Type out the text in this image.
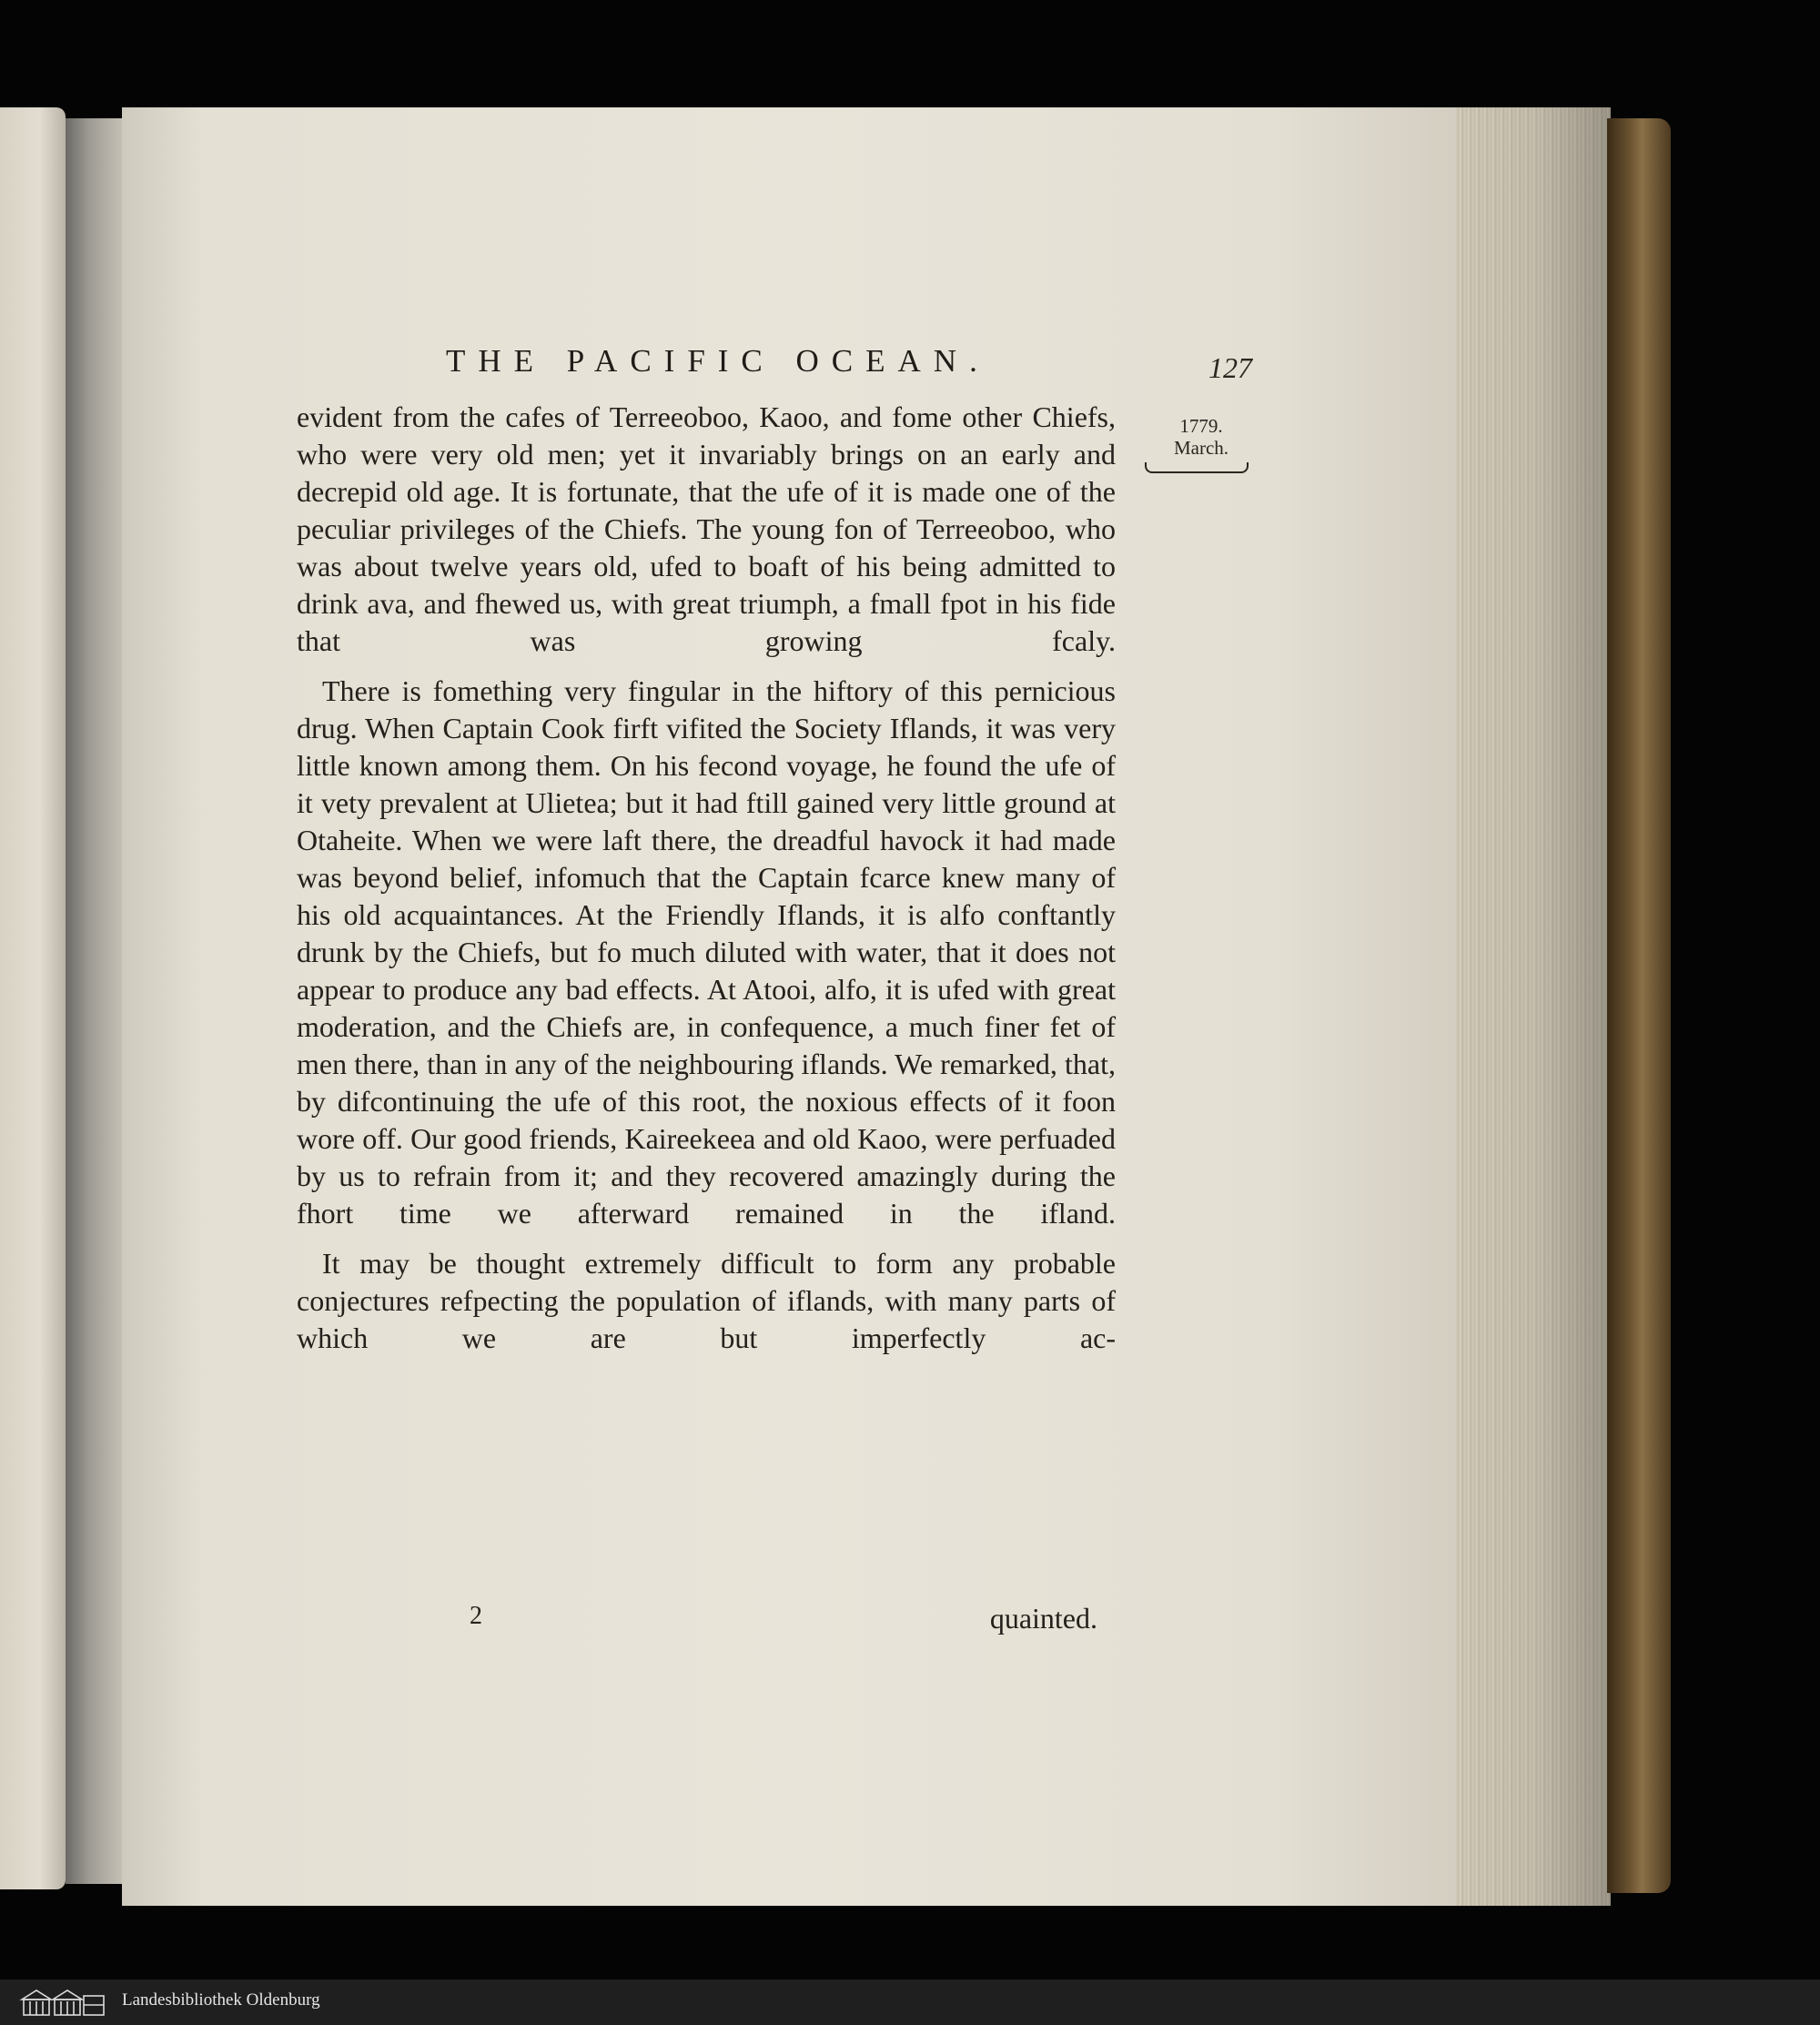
THE PACIFIC OCEAN.	127
1779.
March.

evident from the cafes of Terreeoboo, Kaoo, and fome other Chiefs, who were very old men; yet it invariably brings on an early and decrepid old age. It is fortunate, that the ufe of it is made one of the peculiar privileges of the Chiefs. The young fon of Terreeoboo, who was about twelve years old, ufed to boaft of his being admitted to drink ava, and fhewed us, with great triumph, a fmall fpot in his fide that was growing fcaly.

There is fomething very fingular in the hiftory of this pernicious drug. When Captain Cook firft vifited the Society Iflands, it was very little known among them. On his fecond voyage, he found the ufe of it vety prevalent at Ulietea; but it had ftill gained very little ground at Otaheite. When we were laft there, the dreadful havock it had made was beyond belief, infomuch that the Captain fcarce knew many of his old acquaintances. At the Friendly Iflands, it is alfo conftantly drunk by the Chiefs, but fo much diluted with water, that it does not appear to produce any bad effects. At Atooi, alfo, it is ufed with great moderation, and the Chiefs are, in confequence, a much finer fet of men there, than in any of the neighbouring iflands. We remarked, that, by difcontinuing the ufe of this root, the noxious effects of it foon wore off. Our good friends, Kaireekeea and old Kaoo, were perfuaded by us to refrain from it; and they recovered amazingly during the fhort time we afterward remained in the ifland.

It may be thought extremely difficult to form any probable conjectures refpecting the population of iflands, with many parts of which we are but imperfectly ac-

2	quainted.
Landesbibliothek Oldenburg
